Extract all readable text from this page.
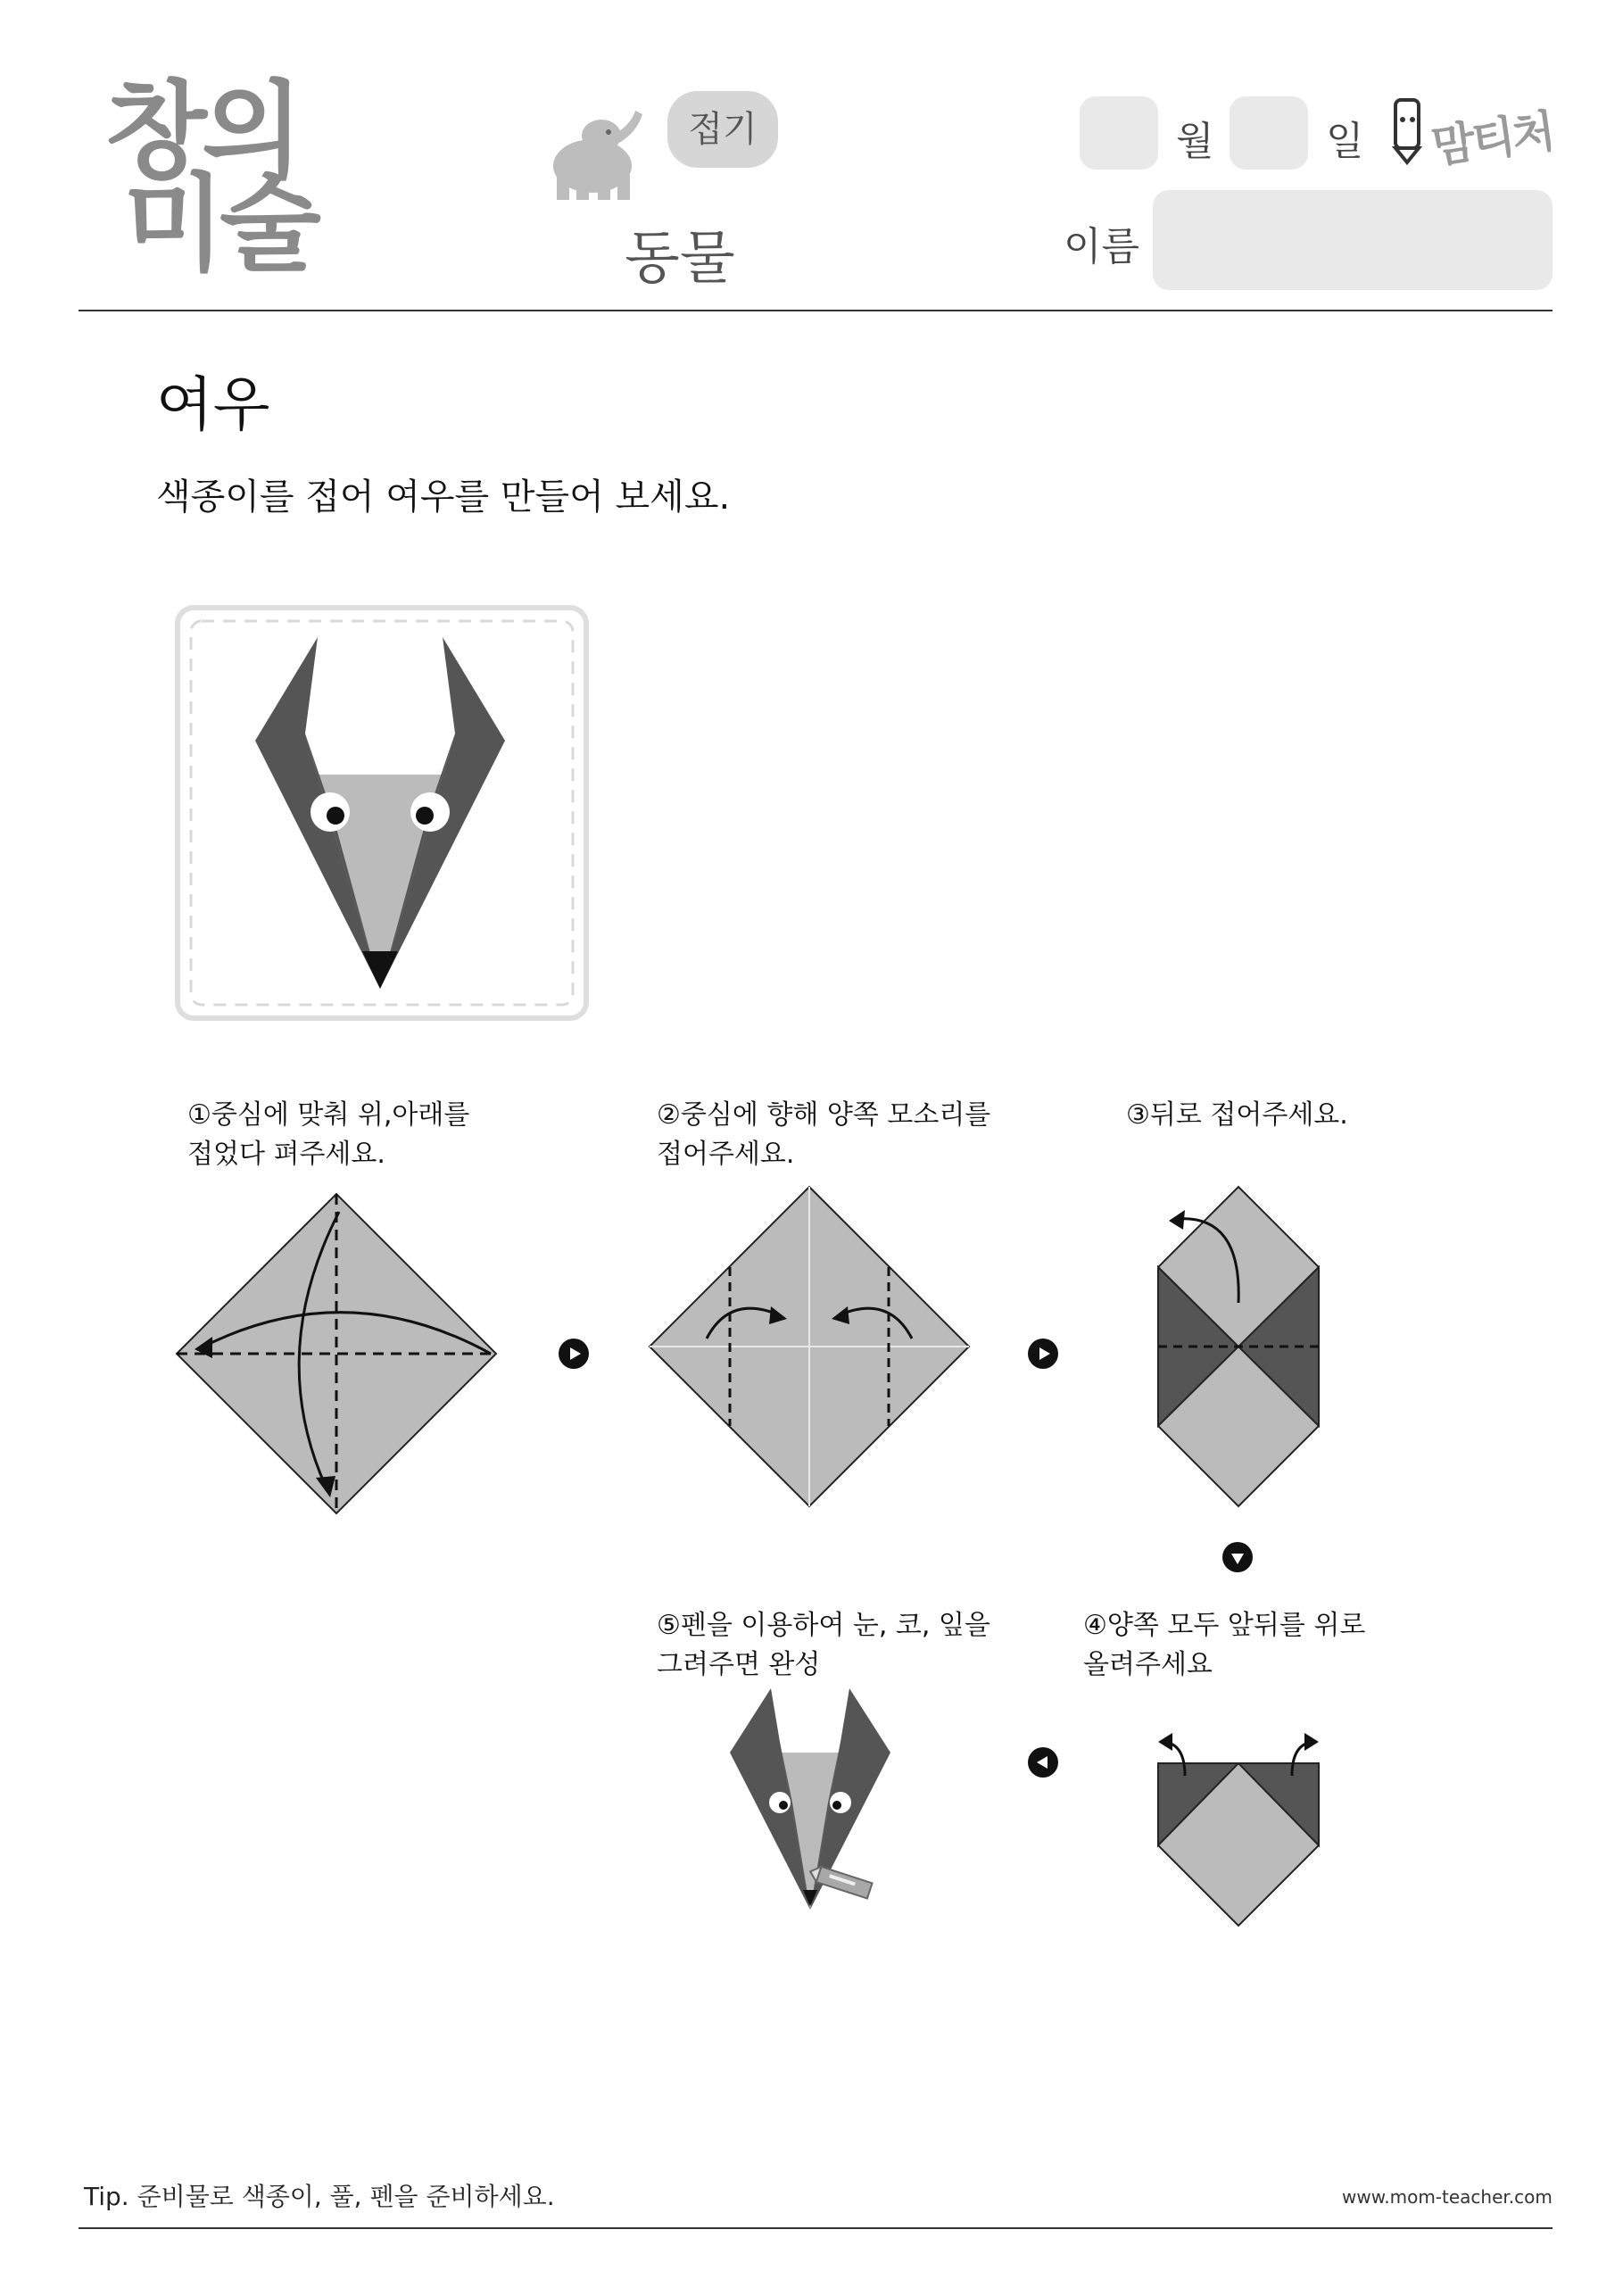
창의
미술
접기
동물
월	일 맘티처
이름
여우
색종이를 접어 여우를 만들어 보세요.
①중심에 맞춰 위,아래를
접었다 펴주세요.
②중심에 향해 양쪽 모소리를
접어주세요.
③뒤로 접어주세요.
④양쪽 모두 앞뒤를 위로
올려주세요
⑤펜을 이용하여 눈, 코, 잎을
그려주면 완성
Tip. 준비물로 색종이, 풀, 펜을 준비하세요.	www.mom-teacher.com
